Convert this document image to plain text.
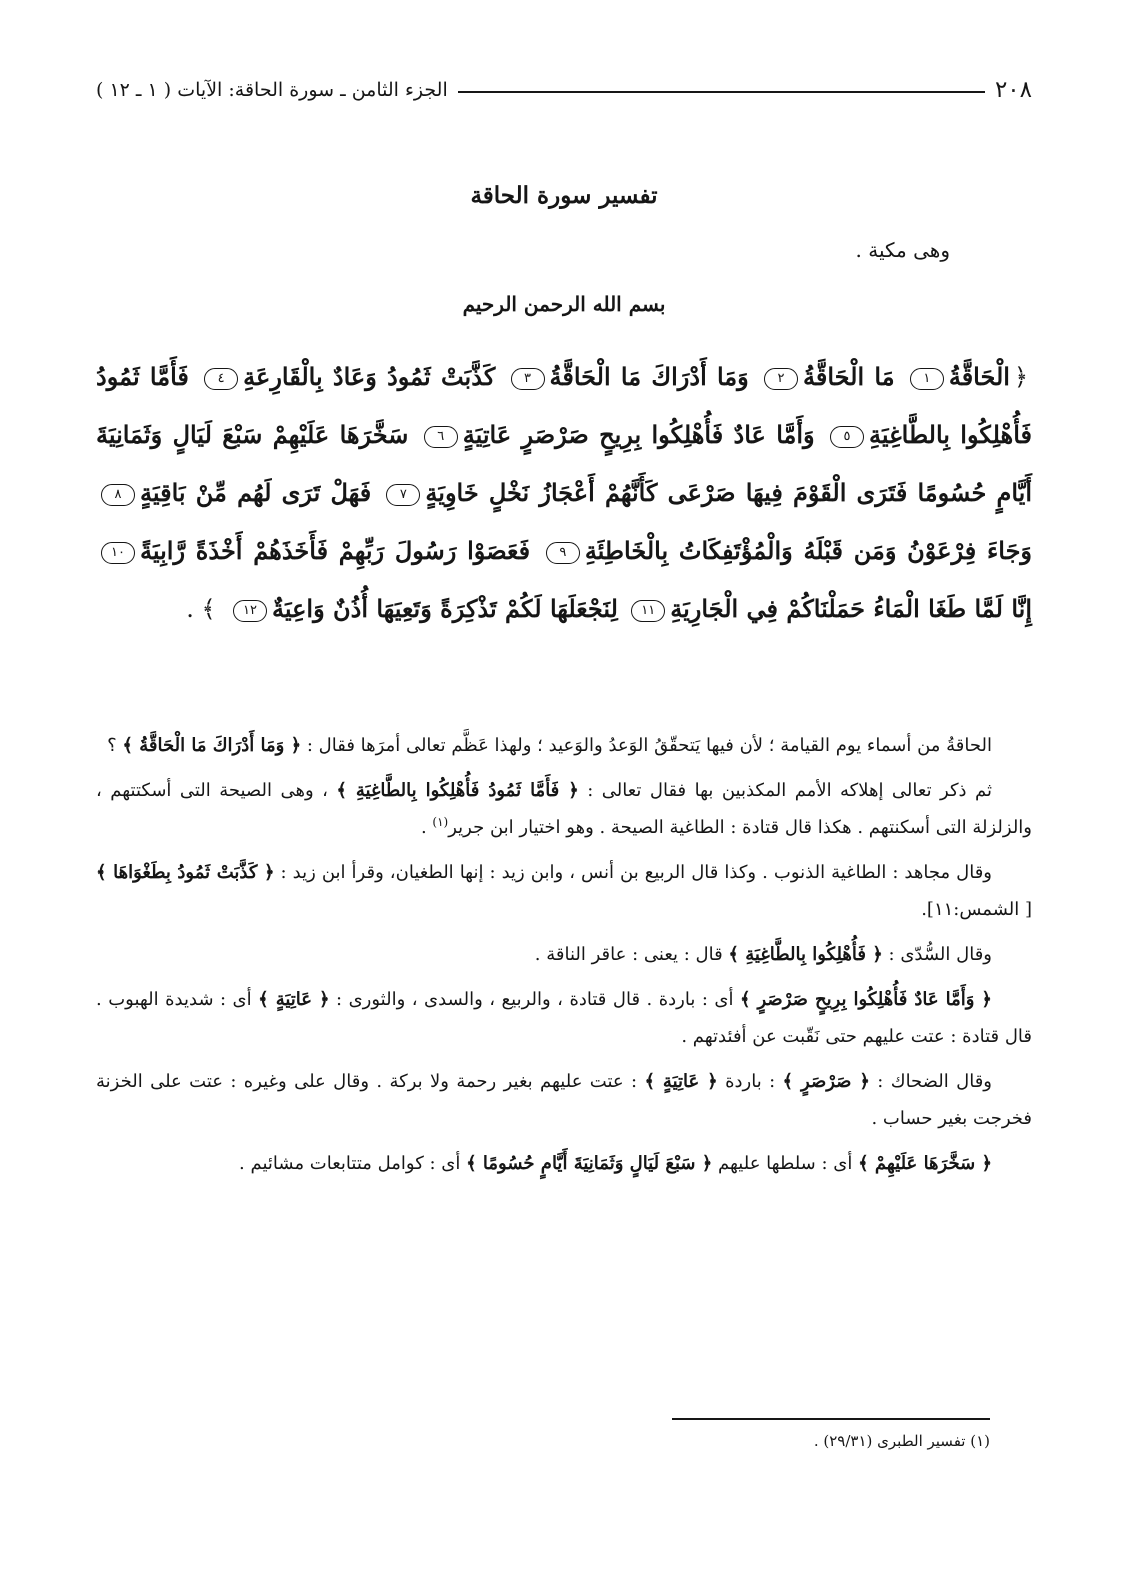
٢٠٨
الجزء الثامن ـ سورة الحاقة: الآيات ( ١ ـ ١٢ )
تفسير سورة الحاقة
وهى مكية .
بسم الله الرحمن الرحيم
﴿الْحَاقَّةُ١ مَا الْحَاقَّةُ٢ وَمَا أَدْرَاكَ مَا الْحَاقَّةُ٣ كَذَّبَتْ ثَمُودُ وَعَادٌ بِالْقَارِعَةِ٤ فَأَمَّا ثَمُودُ فَأُهْلِكُوا بِالطَّاغِيَةِ٥ وَأَمَّا عَادٌ فَأُهْلِكُوا بِرِيحٍ صَرْصَرٍ عَاتِيَةٍ٦ سَخَّرَهَا عَلَيْهِمْ سَبْعَ لَيَالٍ وَثَمَانِيَةَ أَيَّامٍ حُسُومًا فَتَرَى الْقَوْمَ فِيهَا صَرْعَى كَأَنَّهُمْ أَعْجَازُ نَخْلٍ خَاوِيَةٍ٧ فَهَلْ تَرَى لَهُم مِّنْ بَاقِيَةٍ٨ وَجَاءَ فِرْعَوْنُ وَمَن قَبْلَهُ وَالْمُؤْتَفِكَاتُ بِالْخَاطِئَةِ٩ فَعَصَوْا رَسُولَ رَبِّهِمْ فَأَخَذَهُمْ أَخْذَةً رَّابِيَةً١٠ إِنَّا لَمَّا طَغَا الْمَاءُ حَمَلْنَاكُمْ فِي الْجَارِيَةِ١١ لِنَجْعَلَهَا لَكُمْ تَذْكِرَةً وَتَعِيَهَا أُذُنٌ وَاعِيَةٌ١٢ ﴾ .

الحاقةُ من أسماء يوم القيامة ؛ لأن فيها يَتحقّقُ الوَعدُ والوَعيد ؛ ولهذا عَظَّم تعالى أمرَها فقال : ﴿ وَمَا أَدْرَاكَ مَا الْحَاقَّةُ ﴾ ؟

ثم ذكر تعالى إهلاكه الأمم المكذبين بها فقال تعالى : ﴿ فَأَمَّا ثَمُودُ فَأُهْلِكُوا بِالطَّاغِيَةِ ﴾ ، وهى الصيحة التى أسكتتهم ، والزلزلة التى أسكنتهم . هكذا قال قتادة : الطاغية الصيحة . وهو اختيار ابن جرير$^{(١)}$ .

وقال مجاهد : الطاغية الذنوب . وكذا قال الربيع بن أنس ، وابن زيد : إنها الطغيان، وقرأ ابن زيد : ﴿ كَذَّبَتْ ثَمُودُ بِطَغْوَاهَا ﴾ [ الشمس:١١].

وقال السُّدّى : ﴿ فَأُهْلِكُوا بِالطَّاغِيَةِ ﴾ قال : يعنى : عاقر الناقة .

﴿ وَأَمَّا عَادٌ فَأُهْلِكُوا بِرِيحٍ صَرْصَرٍ ﴾ أى : باردة . قال قتادة ، والربيع ، والسدى ، والثورى : ﴿ عَاتِيَةٍ ﴾ أى : شديدة الهبوب . قال قتادة : عتت عليهم حتى نَقّبت عن أفئدتهم .

وقال الضحاك : ﴿ صَرْصَرٍ ﴾ : باردة ﴿ عَاتِيَةٍ ﴾ : عتت عليهم بغير رحمة ولا بركة . وقال على وغيره : عتت على الخزنة فخرجت بغير حساب .

﴿ سَخَّرَهَا عَلَيْهِمْ ﴾ أى : سلطها عليهم ﴿ سَبْعَ لَيَالٍ وَثَمَانِيَةَ أَيَّامٍ حُسُومًا ﴾ أى : كوامل متتابعات مشائيم .

(١) تفسير الطبرى (٢٩/٣١) .
